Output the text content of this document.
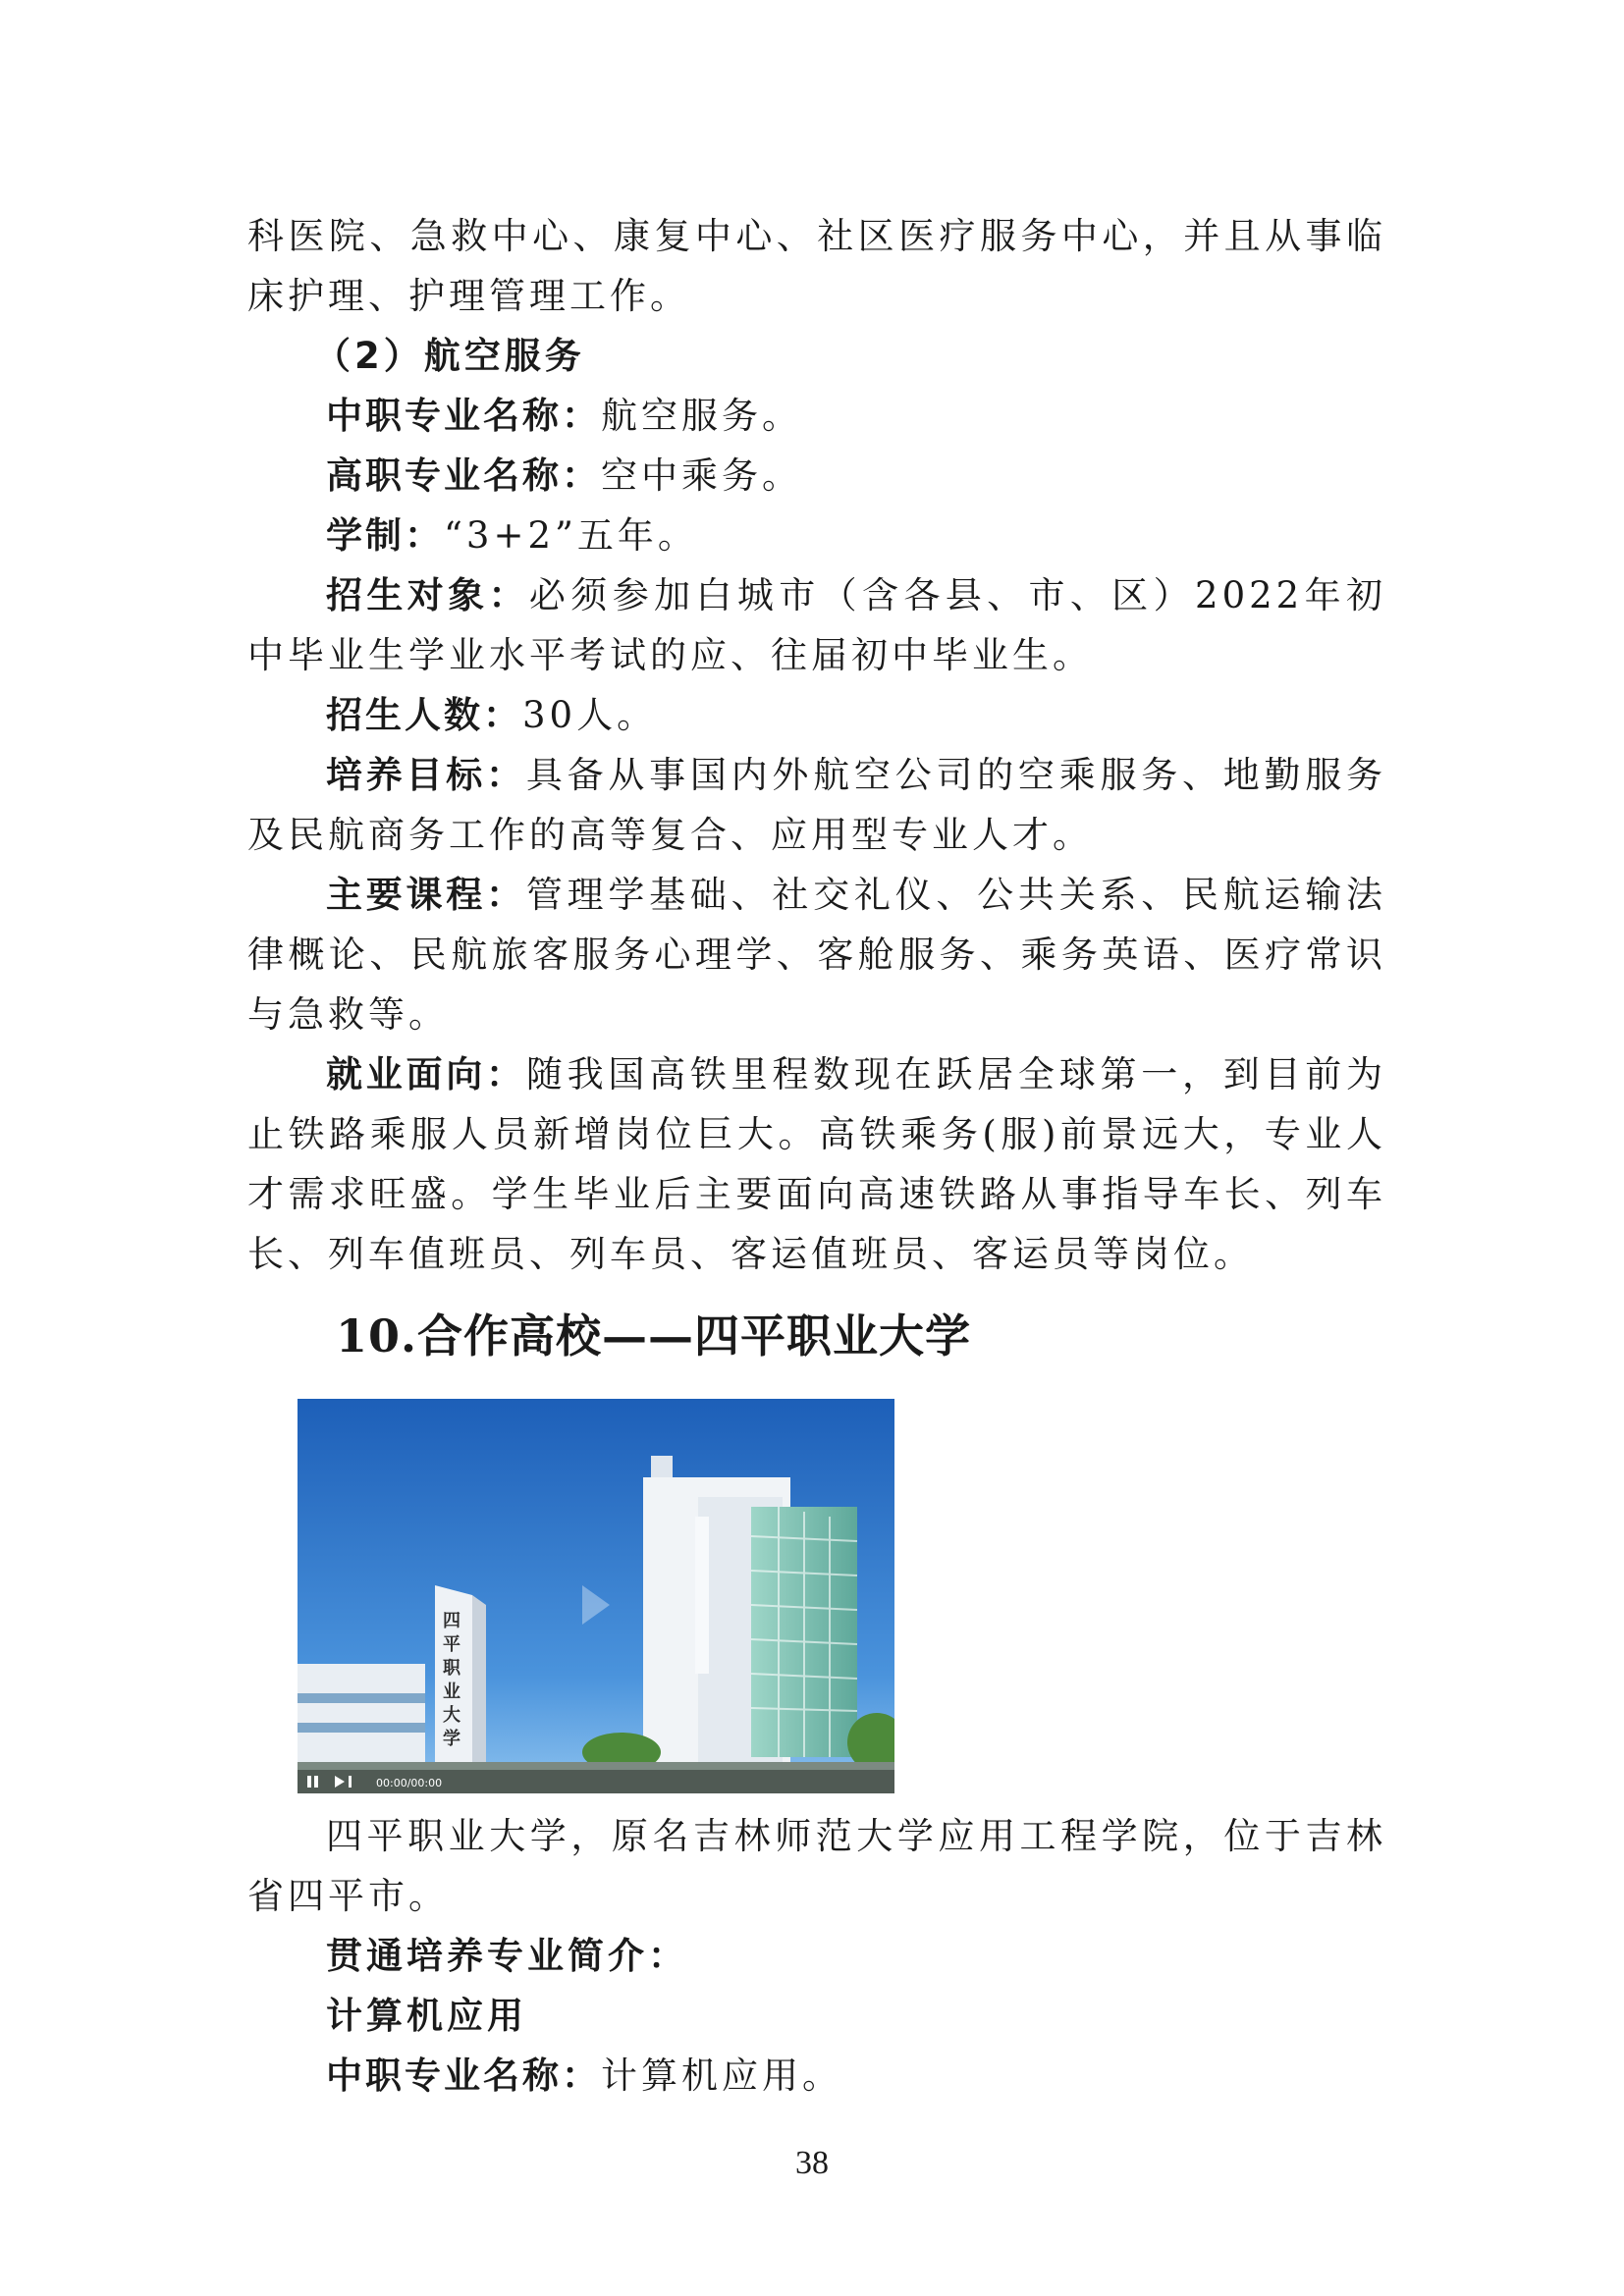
科医院、急救中心、康复中心、社区医疗服务中心，并且从事临床护理、护理管理工作。

（2）航空服务

中职专业名称：航空服务。

高职专业名称：空中乘务。

学制：“3+2”五年。

招生对象：必须参加白城市（含各县、市、区）2022年初中毕业生学业水平考试的应、往届初中毕业生。

招生人数：30人。

培养目标：具备从事国内外航空公司的空乘服务、地勤服务及民航商务工作的高等复合、应用型专业人才。

主要课程：管理学基础、社交礼仪、公共关系、民航运输法律概论、民航旅客服务心理学、客舱服务、乘务英语、医疗常识与急救等。

就业面向：随我国高铁里程数现在跃居全球第一，到目前为止铁路乘服人员新增岗位巨大。高铁乘务(服)前景远大，专业人才需求旺盛。学生毕业后主要面向高速铁路从事指导车长、列车长、列车值班员、列车员、客运值班员、客运员等岗位。

10.合作高校——四平职业大学
00:00/00:00
四平职业大学

四平职业大学，原名吉林师范大学应用工程学院，位于吉林省四平市。

贯通培养专业简介：

计算机应用

中职专业名称：计算机应用。

38
